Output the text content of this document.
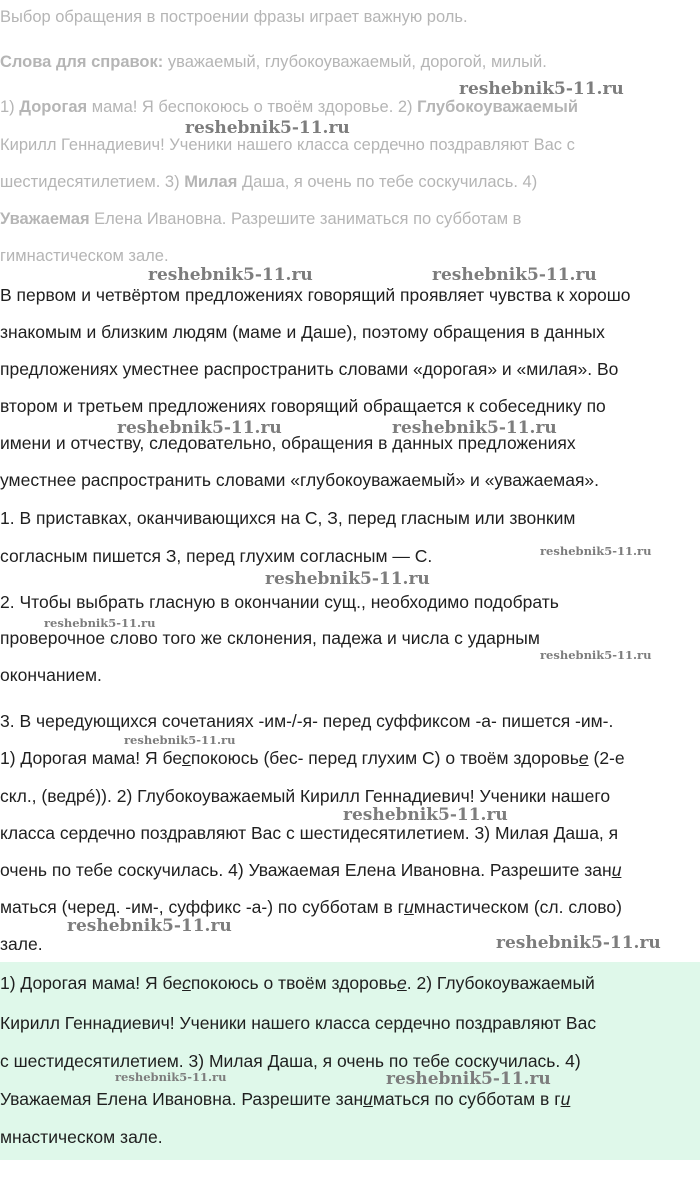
Выбор обращения в построении фразы играет важную роль.
Слова для справок: уважаемый, глубокоуважаемый, дорогой, милый.
1) Дорогая мама! Я беспокоюсь о твоём здоровье. 2) Глубокоуважаемый
Кирилл Геннадиевич! Ученики нашего класса сердечно поздравляют Вас с
шестидесятилетием. 3) Милая Даша, я очень по тебе соскучилась. 4)
Уважаемая Елена Ивановна. Разрешите заниматься по субботам в
гимнастическом зале.
В первом и четвёртом предложениях говорящий проявляет чувства к хорошо
знакомым и близким людям (маме и Даше), поэтому обращения в данных
предложениях уместнее распространить словами «дорогая» и «милая». Во
втором и третьем предложениях говорящий обращается к собеседнику по
имени и отчеству, следовательно, обращения в данных предложениях
уместнее распространить словами «глубокоуважаемый» и «уважаемая».
1. В приставках, оканчивающихся на С, З, перед гласным или звонким
согласным пишется З, перед глухим согласным — С.
2. Чтобы выбрать гласную в окончании сущ., необходимо подобрать
проверочное слово того же склонения, падежа и числа с ударным
окончанием.
3. В чередующихся сочетаниях -им-/-я- перед суффиксом -а- пишется -им-.
1) Дорогая мама! Я беспокоюсь (бес- перед глухим С) о твоём здоровье (2-е
скл., (ведрé)). 2) Глубокоуважаемый Кирилл Геннадиевич! Ученики нашего
класса сердечно поздравляют Вас с шестидесятилетием. 3) Милая Даша, я
очень по тебе соскучилась. 4) Уважаемая Елена Ивановна. Разрешите зани
маться (черед. -им-, суффикс -а-) по субботам в гимнастическом (сл. слово)
зале.
1) Дорогая мама! Я беспокоюсь о твоём здоровье. 2) Глубокоуважаемый
Кирилл Геннадиевич! Ученики нашего класса сердечно поздравляют Вас
с шестидесятилетием. 3) Милая Даша, я очень по тебе соскучилась. 4)
Уважаемая Елена Ивановна. Разрешите заниматься по субботам в ги
мнастическом зале.
reshebnik5-11.ru
reshebnik5-11.ru
reshebnik5-11.ru	reshebnik5-11.ru
reshebnik5-11.ru	reshebnik5-11.ru
reshebnik5-11.ru
reshebnik5-11.ru
reshebnik5-11.ru
reshebnik5-11.ru
reshebnik5-11.ru
reshebnik5-11.ru
reshebnik5-11.ru
reshebnik5-11.ru
reshebnik5-11.ru	reshebnik5-11.ru
